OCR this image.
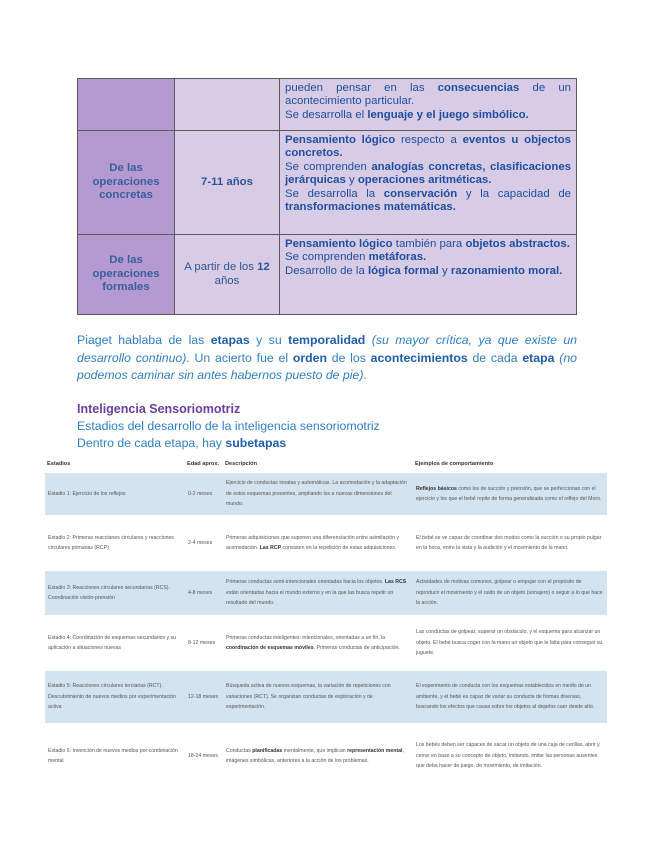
		pueden pensar en las consecuencias de un acontecimiento particular.
Se desarrolla el lenguaje y el juego simbólico.

De las operaciones concretas	7-11 años	Pensamiento lógico respecto a eventos u objectos concretos.
Se comprenden analogías concretas, clasificaciones jerárquicas y operaciones aritméticas.
Se desarrolla la conservación y la capacidad de transformaciones matemáticas.

De las operaciones formales	A partir de los 12 años	Pensamiento lógico también para objetos abstractos.
Se comprenden metáforas.
Desarrollo de la lógica formal y razonamiento moral.
Piaget hablaba de las etapas y su temporalidad (su mayor crítica, ya que existe un desarrollo continuo). Un acierto fue el orden de los acontecimientos de cada etapa (no podemos caminar sin antes habernos puesto de pie).
Inteligencia Sensoriomotriz
Estadios del desarrollo de la inteligencia sensoriomotriz
Dentro de cada etapa, hay subetapas
Estadios	Edad aprox.	Descripción	Ejemplos de comportamiento
Estadio 1: Ejercicio de los reflejos	0-2 meses	Ejercicio de conductas innatas y automáticas. La acomodación y la adaptación de estos esquemas presentes, ampliando los a nuevas dimensiones del mundo.	Reflejos básicos como los de succión y prensión, que se perfeccionan con el ejercicio y los que el bebé repite de forma generalizada como el reflejo del Moro.

Estadio 2: Primeras reacciones circulares y reacciones circulares primarias (RCP)	2-4 meses	Primeras adquisiciones que suponen una diferenciación entre asimilación y acomodación. Las RCP consisten en la repetición de estas adquisiciones.	El bebé se ve capaz de coordinar dos modos como la succión o su propio pulgar en la boca, entre la vista y la audición y el movimiento de la mano.

Estadio 3: Reacciones circulares secundarias (RCS). Coordinación visión-prensión	4-8 meses	Primeras conductas semi-intencionales orientadas hacia los objetos. Las RCS están orientadas hacia el mundo externo y en la que las busca repetir un resultado del mundo.	Actividades de motivas comunes, golpear o empujar con el propósito de reproducir el movimiento y el ruido de un objeto (sonajero) o seguir a lo que hace la acción.

Estadio 4: Coordinación de esquemas secundarios y su aplicación a situaciones nuevas	8-12 meses	Primeras conductas inteligentes: intencionales, orientadas a un fin, la coordinación de esquemas móviles. Primeras conductas de anticipación.	Las conductas de golpear, superar un obstáculo, y el esquema para alcanzar un objeto. El bebé busca coger con la mano un objeto que le falta para conseguir su juguete.

Estadio 5: Reacciones circulares terciarias (RCT). Descubrimiento de nuevos medios por experimentación activa	12-18 meses	Búsqueda activa de nuevos esquemas, la variación de repeticiones con variaciones (RCT). Se organizan conductas de exploración y de experimentación.	El experimento de conducta con los esquemas establecidos en medio de un ambiente, y el bebé es capaz de variar su conducta de formas diversas, buscando los efectos que causa sobre los objetos al dejarlos caer desde alto.

Estadio 6: Invención de nuevos medios por combinación mental	18-24 meses	Conductas planificadas mentalmente, que implican representación mental, imágenes simbólicas, anteriores a la acción de los problemas.	Los bebés deben ser capaces de sacar un objeto de una caja de cerillas, abrir y cerrar en base a su concepto de objeto, imitando, imitar las personas ausentes que deba hacer de juego, de movimiento, de imitación.
